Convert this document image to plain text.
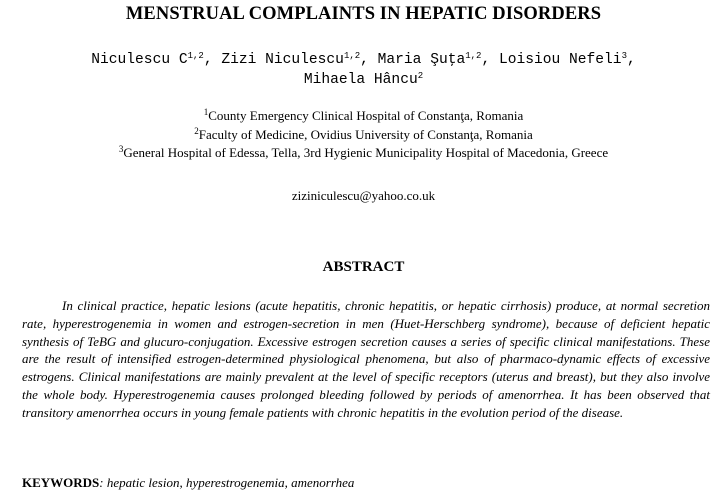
MENSTRUAL COMPLAINTS IN HEPATIC DISORDERS
Niculescu C$^{1,2}$, Zizi Niculescu$^{1,2}$, Maria Şuţa$^{1,2}$, Loisiou Nefeli$^3$,
Mihaela Hâncu$^2$
$^1$County Emergency Clinical Hospital of Constanţa, Romania
$^2$Faculty of Medicine, Ovidius University of Constanţa, Romania
$^3$General Hospital of Edessa, Tella, 3rd Hygienic Municipality Hospital of Macedonia, Greece
ziziniculescu@yahoo.co.uk
ABSTRACT
In clinical practice, hepatic lesions (acute hepatitis, chronic hepatitis, or hepatic cirrhosis) produce, at normal secretion rate, hyperestrogenemia in women and estrogen-secretion in men (Huet-Herschberg syndrome), because of deficient hepatic synthesis of TeBG and glucuro-conjugation. Excessive estrogen secretion causes a series of specific clinical manifestations. These are the result of intensified estrogen-determined physiological phenomena, but also of pharmaco-dynamic effects of excessive estrogens. Clinical manifestations are mainly prevalent at the level of specific receptors (uterus and breast), but they also involve the whole body. Hyperestrogenemia causes prolonged bleeding followed by periods of amenorrhea. It has been observed that transitory amenorrhea occurs in young female patients with chronic hepatitis in the evolution period of the disease.
KEYWORDS: hepatic lesion, hyperestrogenemia, amenorrhea
